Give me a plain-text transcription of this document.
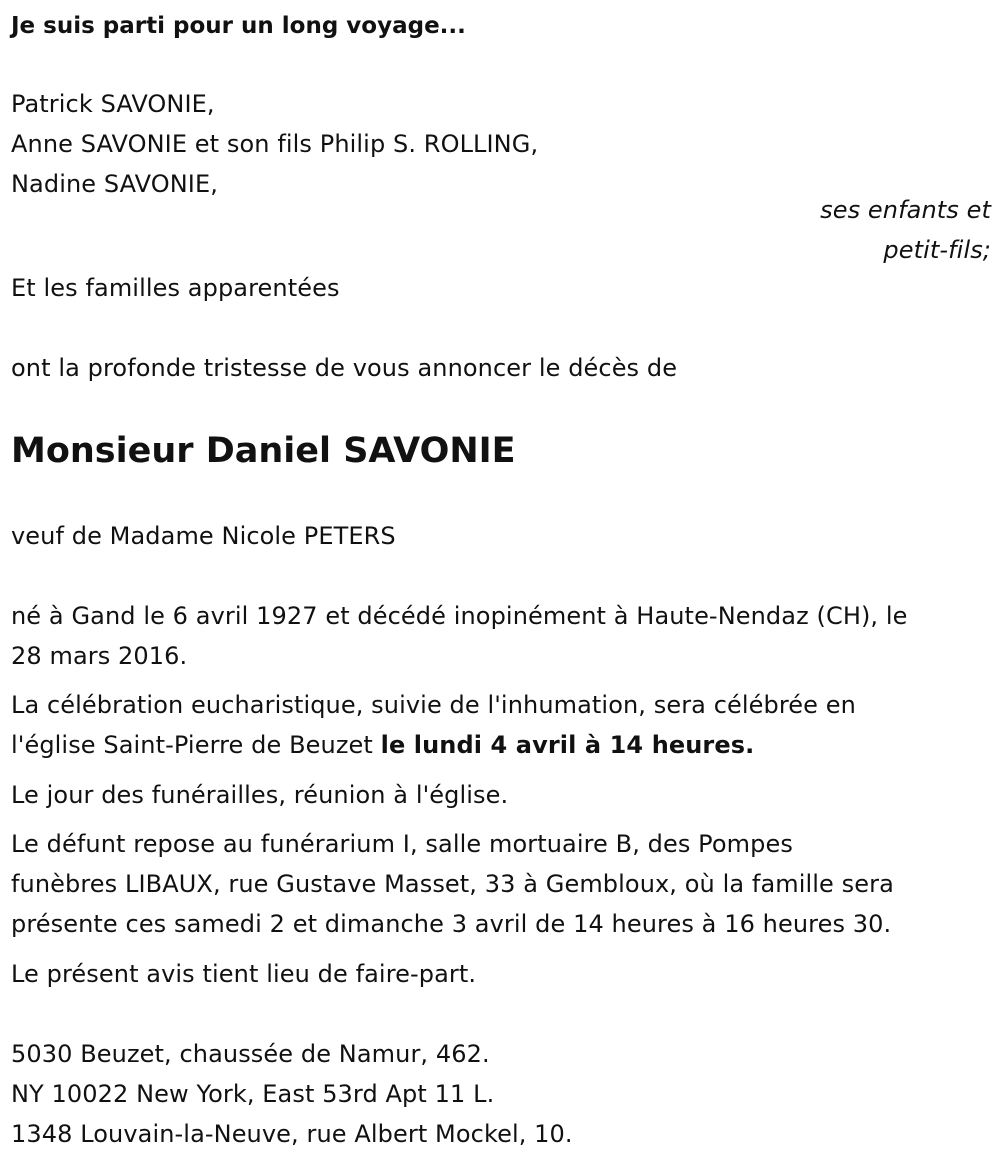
Je suis parti pour un long voyage...
Patrick SAVONIE,
Anne SAVONIE et son fils Philip S. ROLLING,
Nadine SAVONIE,
ses enfants et
petit-fils;
Et les familles apparentées
ont la profonde tristesse de vous annoncer le décès de
Monsieur Daniel SAVONIE
veuf de Madame Nicole PETERS
né à Gand le 6 avril 1927 et décédé inopinément à Haute-Nendaz (CH), le
28 mars 2016.
La célébration eucharistique, suivie de l'inhumation, sera célébrée en
l'église Saint-Pierre de Beuzet le lundi 4 avril à 14 heures.
Le jour des funérailles, réunion à l'église.
Le défunt repose au funérarium I, salle mortuaire B, des Pompes
funèbres LIBAUX, rue Gustave Masset, 33 à Gembloux, où la famille sera
présente ces samedi 2 et dimanche 3 avril de 14 heures à 16 heures 30.
Le présent avis tient lieu de faire-part.
5030 Beuzet, chaussée de Namur, 462.
NY 10022 New York, East 53rd Apt 11 L.
1348 Louvain-la-Neuve, rue Albert Mockel, 10.
